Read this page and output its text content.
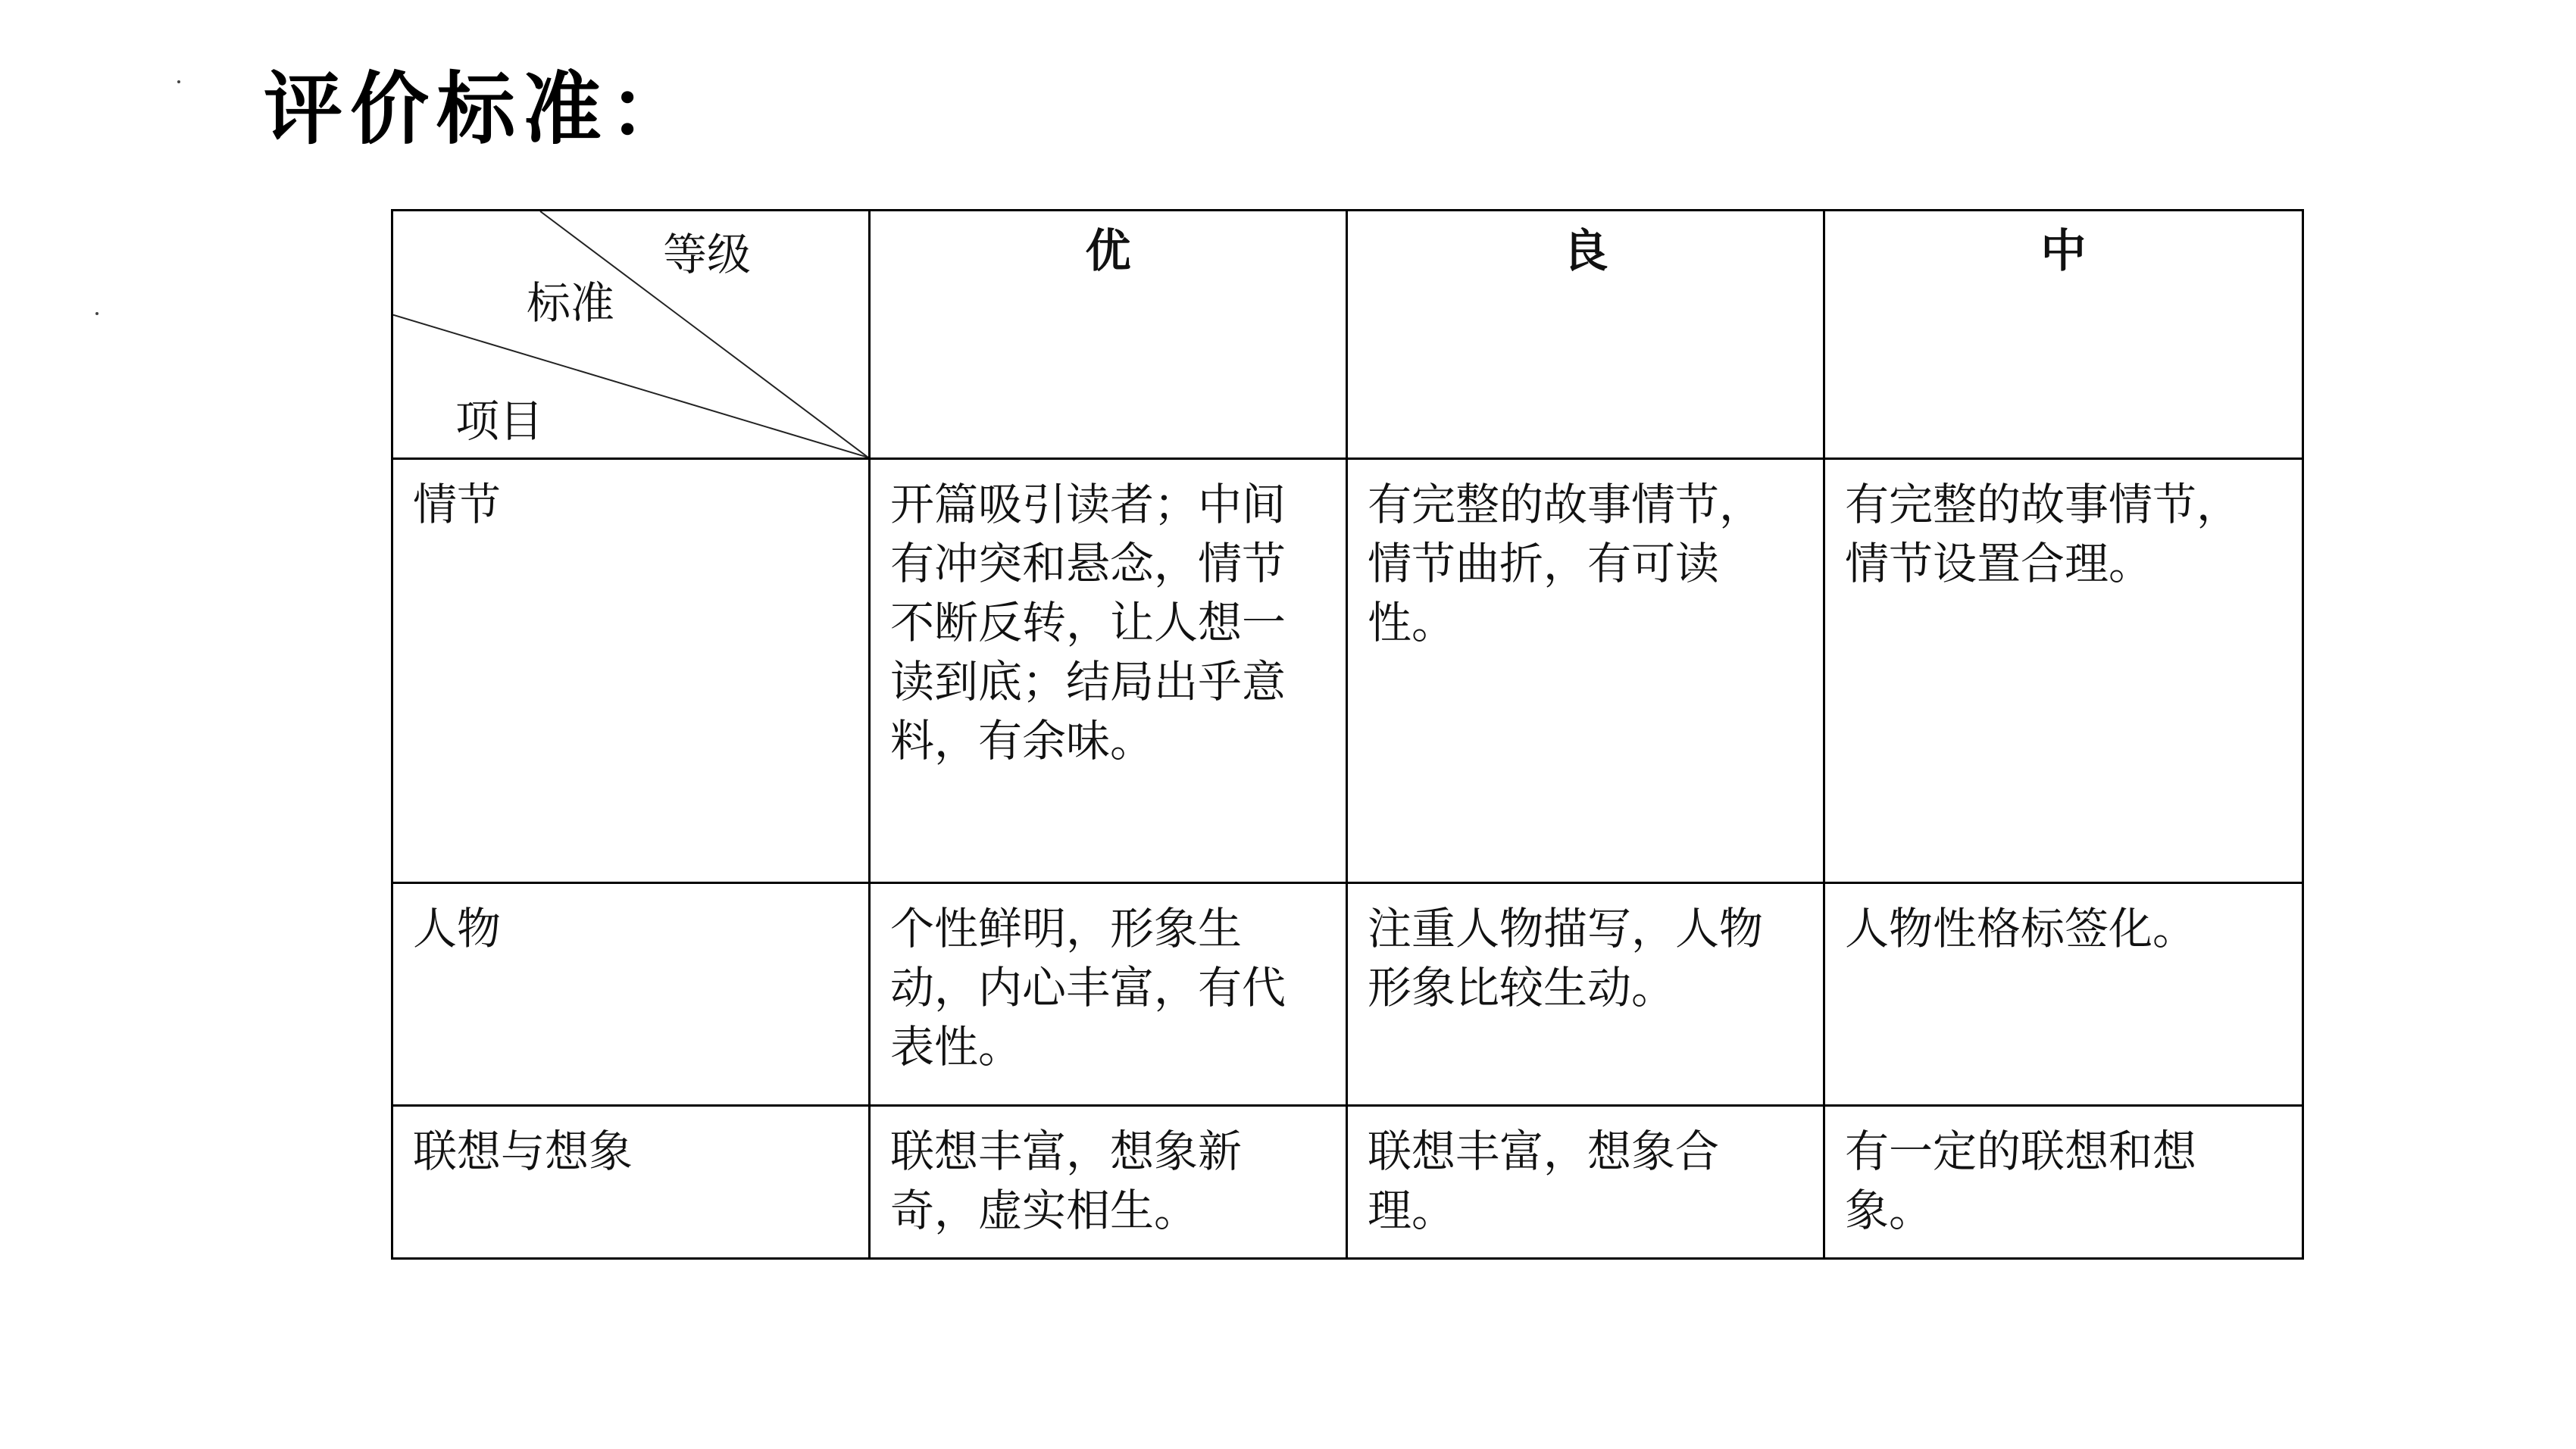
评价标准：
等级
标准
项目	优	良	中

情节	开篇吸引读者；中间有冲突和悬念，情节不断反转，让人想一读到底；结局出乎意料，有余味。	有完整的故事情节，情节曲折，有可读性。	有完整的故事情节，情节设置合理。

人物	个性鲜明，形象生动，内心丰富，有代表性。	注重人物描写，人物形象比较生动。	人物性格标签化。

联想与想象	联想丰富，想象新奇，虚实相生。	联想丰富，想象合理。	有一定的联想和想象。
